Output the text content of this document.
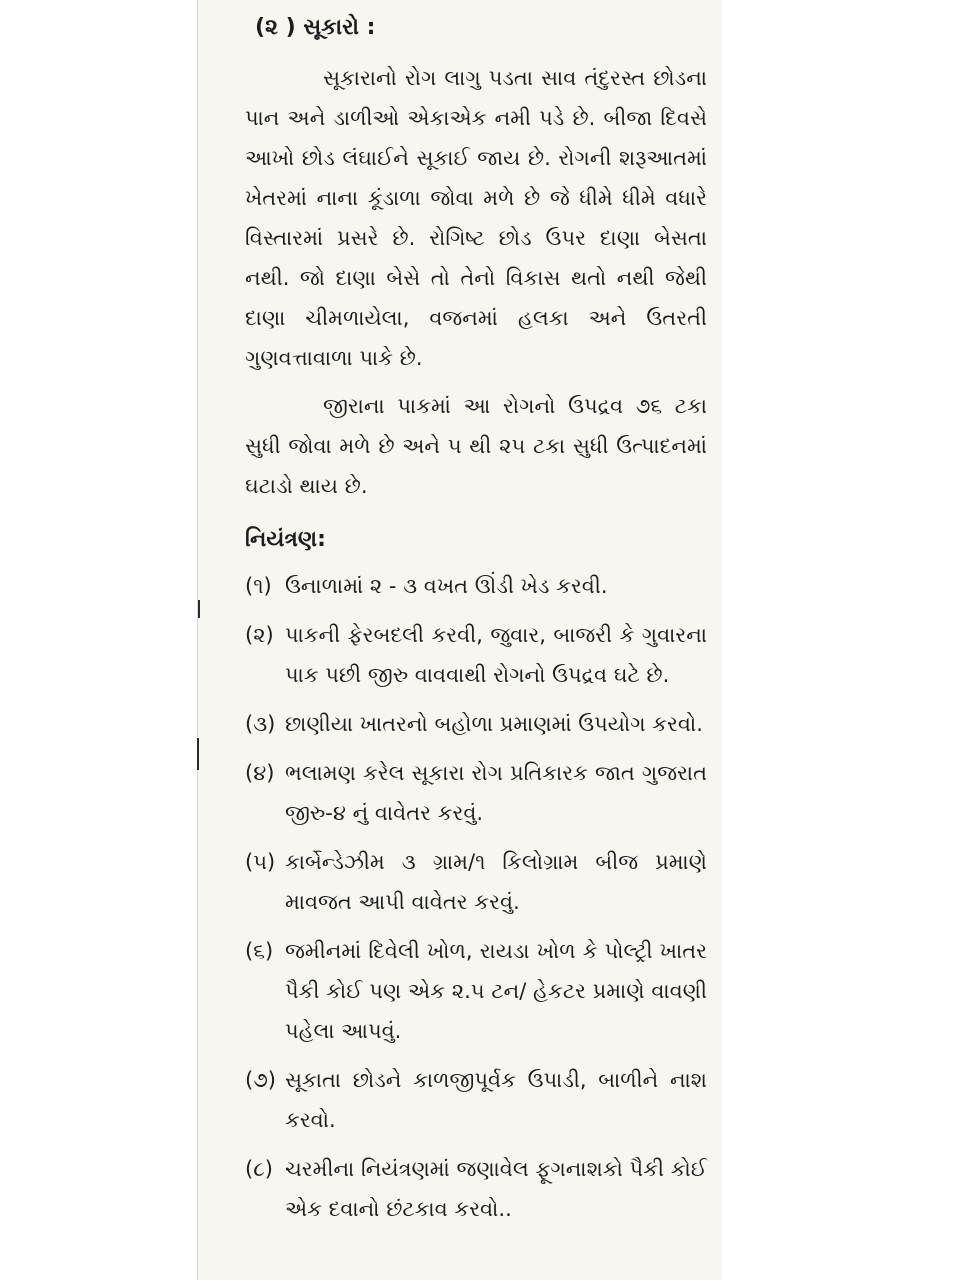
(૨ ) સૂકારો :

સૂકારાનો રોગ લાગુ પડતા સાવ તંદુરસ્ત છોડના પાન અને ડાળીઓ એકાએક નમી પડે છે. બીજા દિવસે આખો છોડ લંઘાઈને સૂકાઈ જાય છે. રોગની શરૂઆતમાં ખેતરમાં નાના કૂંડાળા જોવા મળે છે જે ધીમે ધીમે વધારે વિસ્તારમાં પ્રસરે છે. રોગિષ્ટ છોડ ઉપર દાણા બેસતા નથી. જો દાણા બેસે તો તેનો વિકાસ થતો નથી જેથી દાણા ચીમળાયેલા, વજનમાં હલકા અને ઉતરતી ગુણવત્તાવાળા પાકે છે.

જીરાના પાકમાં આ રોગનો ઉપદ્રવ ૭૬ ટકા સુધી જોવા મળે છે અને ૫ થી ૨૫ ટકા સુધી ઉત્પાદનમાં ઘટાડો થાય છે.

નિયંત્રણ:
(૧) ઉનાળામાં ૨ - ૩ વખત ઊંડી ખેડ કરવી.
(૨) પાકની ફેરબદલી કરવી, જુવાર, બાજરી કે ગુવારના પાક પછી જીરુ વાવવાથી રોગનો ઉપદ્રવ ઘટે છે.
(૩) છાણીયા ખાતરનો બહોળા પ્રમાણમાં ઉપયોગ કરવો.
(૪) ભલામણ કરેલ સૂકારા રોગ પ્રતિકારક જાત ગુજરાત જીરુ-૪ નું વાવેતર કરવું.
(૫) કાર્બેન્ડેઝીમ ૩ ગ્રામ/૧ કિલોગ્રામ બીજ પ્રમાણે માવજત આપી વાવેતર કરવું.
(૬) જમીનમાં દિવેલી ખોળ, રાયડા ખોળ કે પોલ્ટ્રી ખાતર પૈકી કોઈ પણ એક ૨.૫ ટન/ હેકટર પ્રમાણે વાવણી પહેલા આપવું.
(૭) સૂકાતા છોડને કાળજીપૂર્વક ઉપાડી, બાળીને નાશ કરવો.
(૮) ચરમીના નિયંત્રણમાં જણાવેલ ફૂગનાશકો પૈકી કોઈ એક દવાનો છંટકાવ કરવો..
